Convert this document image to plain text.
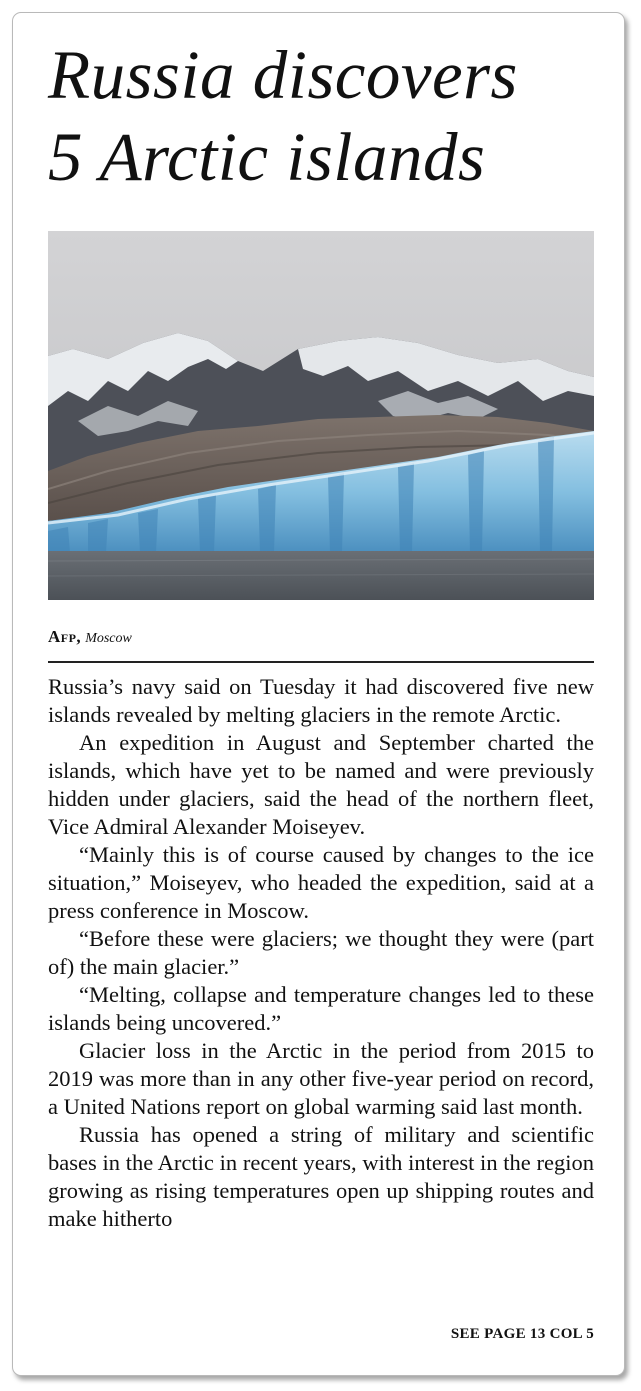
Russia discovers
5 Arctic islands
Afp, Moscow

Russia’s navy said on Tuesday it had discovered five new islands revealed by melting glaciers in the remote Arctic.

An expedition in August and September charted the islands, which have yet to be named and were previously hidden under glaciers, said the head of the northern fleet, Vice Admiral Alexander Moiseyev.

“Mainly this is of course caused by changes to the ice situation,” Moiseyev, who headed the expedition, said at a press conference in Moscow.

“Before these were glaciers; we thought they were (part of) the main glacier.”

“Melting, collapse and temperature changes led to these islands being uncovered.”

Glacier loss in the Arctic in the period from 2015 to 2019 was more than in any other five-year period on record, a United Nations report on global warming said last month.

Russia has opened a string of military and scientific bases in the Arctic in recent years, with interest in the region growing as rising temperatures open up shipping routes and make hitherto

SEE PAGE 13 COL 5
